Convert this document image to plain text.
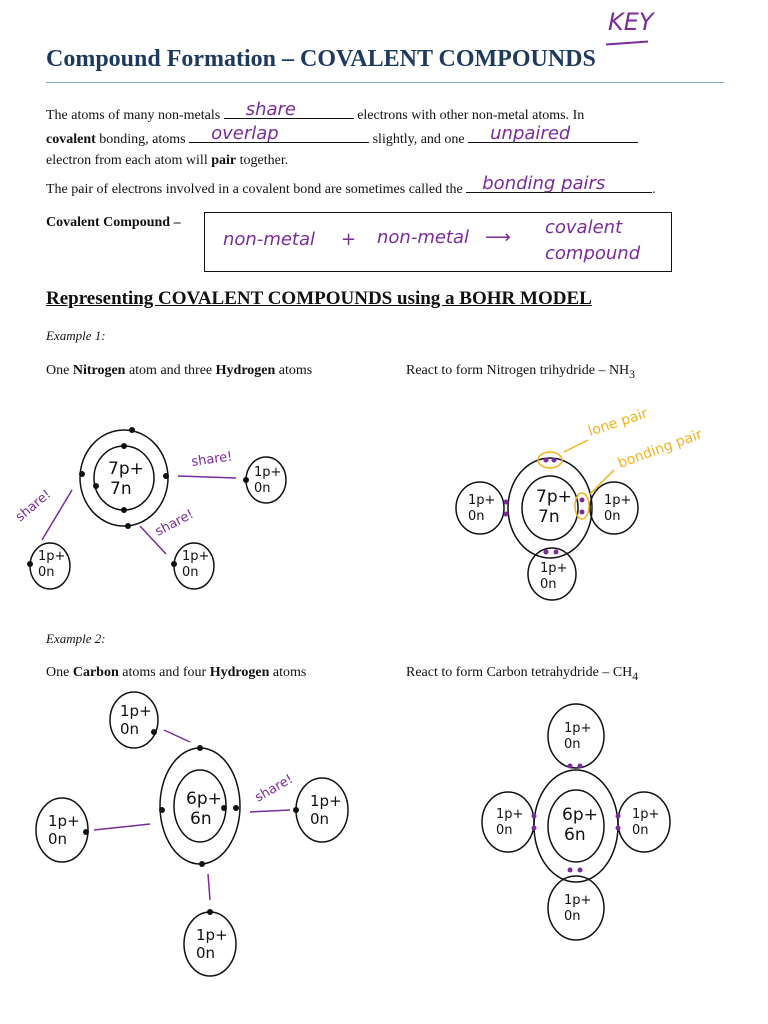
KEY
Compound Formation – COVALENT COMPOUNDS
The atoms of many non-metals share	electrons with other non-metal atoms. In
covalent bonding, atoms overlap	slightly, and one unpaired

electron from each atom will pair together.
The pair of electrons involved in a covalent bond are sometimes called the bonding pairs	.
Covalent Compound –
non-metal + non-metal ⟶ covalent
compound
Representing COVALENT COMPOUNDS using a BOHR MODEL
Example 1:
One Nitrogen atom and three Hydrogen atoms	React to form Nitrogen trihydride – $NH_3$
7p+
7n
1p+
0n
1p+
0n
1p+
0n
share!
share!	share!
7p+
7n
1p+
0n
1p+
0n
1p+
0n
lone pair
bonding pair
Example 2:
One Carbon atoms and four Hydrogen atoms	React to form Carbon tetrahydride – $CH_4$
6p+
6n
1p+
0n
1p+
0n
1p+
0n
1p+
0n
share!
6p+
6n
1p+
0n
1p+
0n
1p+
0n
1p+
0n
